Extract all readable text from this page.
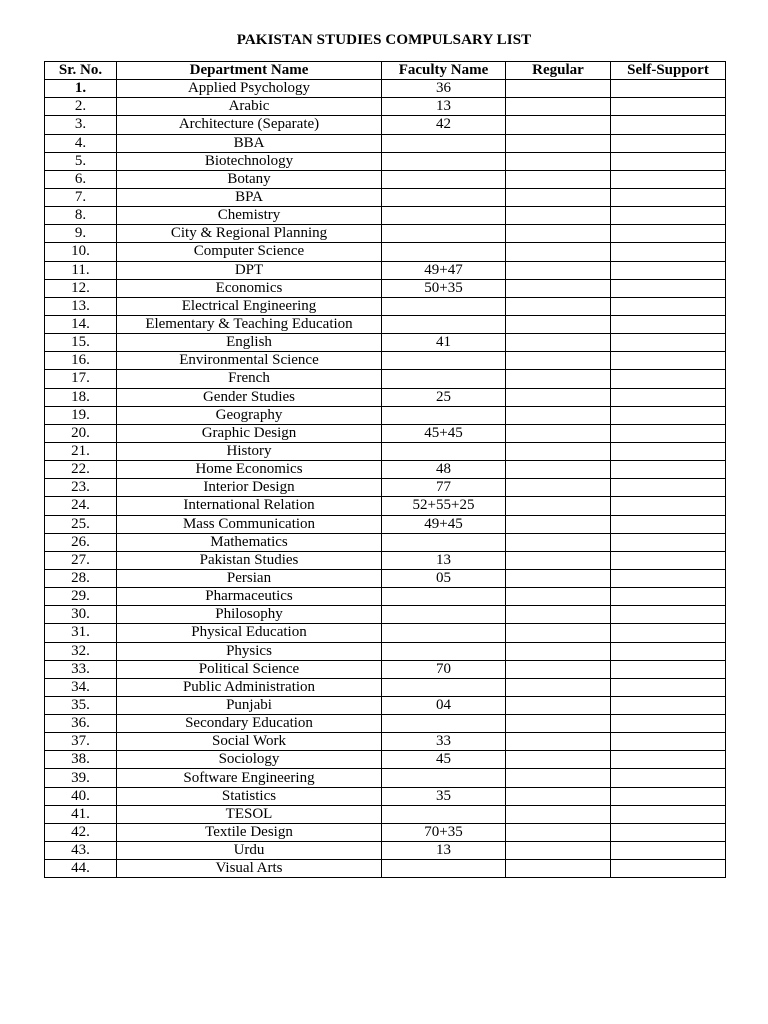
PAKISTAN STUDIES COMPULSARY LIST
Sr. No.	Department Name	Faculty Name	Regular	Self-Support
1.	Applied Psychology	36		
2.	Arabic	13		
3.	Architecture (Separate)	42		
4.	BBA			
5.	Biotechnology			
6.	Botany			
7.	BPA			
8.	Chemistry			
9.	City & Regional Planning			
10.	Computer Science			
11.	DPT	49+47		
12.	Economics	50+35		
13.	Electrical Engineering			
14.	Elementary & Teaching Education			
15.	English	41		
16.	Environmental Science			
17.	French			
18.	Gender Studies	25		
19.	Geography			
20.	Graphic Design	45+45		
21.	History			
22.	Home Economics	48		
23.	Interior Design	77		
24.	International Relation	52+55+25		
25.	Mass Communication	49+45		
26.	Mathematics			
27.	Pakistan Studies	13		
28.	Persian	05		
29.	Pharmaceutics			
30.	Philosophy			
31.	Physical Education			
32.	Physics			
33.	Political Science	70		
34.	Public Administration			
35.	Punjabi	04		
36.	Secondary Education			
37.	Social Work	33		
38.	Sociology	45		
39.	Software Engineering			
40.	Statistics	35		
41.	TESOL			
42.	Textile Design	70+35		
43.	Urdu	13		
44.	Visual Arts			
